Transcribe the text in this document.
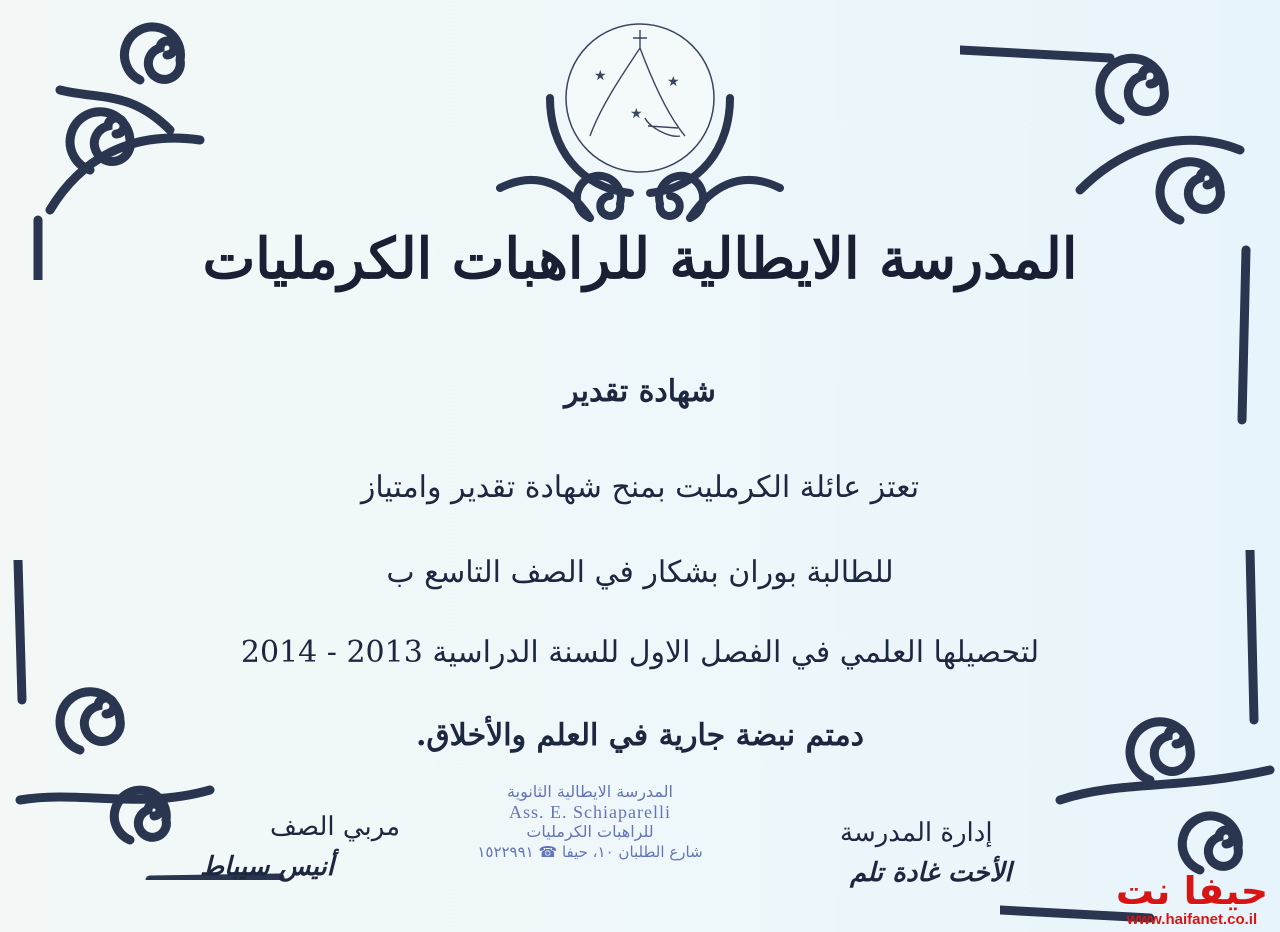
★	★
★
المدرسة الايطالية للراهبات الكرمليات
شهادة تقدير
تعتز عائلة الكرمليت بمنح شهادة تقدير وامتياز
للطالبة بوران بشكار في الصف التاسع ب
لتحصيلها العلمي في الفصل الاول للسنة الدراسية 2013 - 2014
دمتم نبضة جارية في العلم والأخلاق.
مربي الصف
أنيس سيباط
إدارة المدرسة
الأخت غادة تلم
المدرسة الايطالية الثانوية
Ass. E. Schiaparelli
للراهبات الكرمليات
شارع الطلبان ١٠، حيفا ☎ ١٥٢٢٩٩١
حيفا نت
www.haifanet.co.il
